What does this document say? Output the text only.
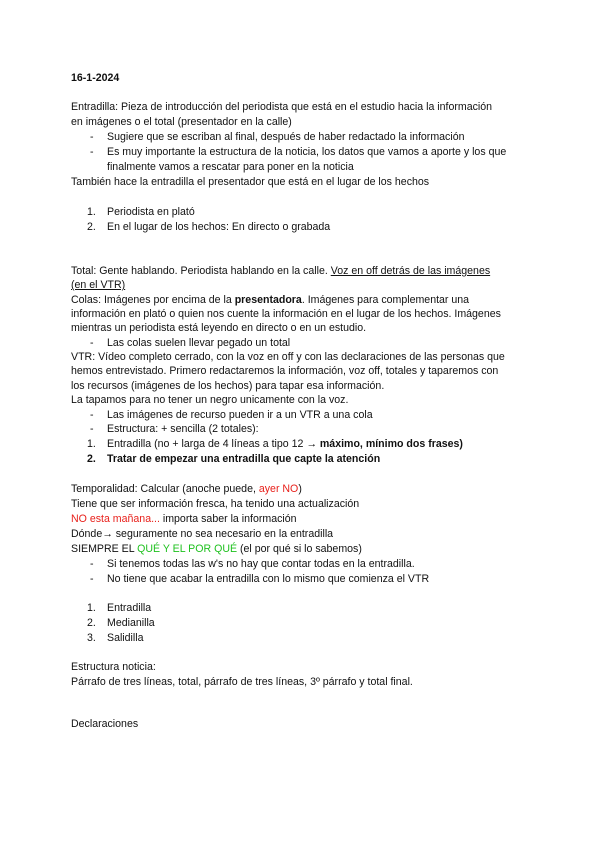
16-1-2024
Entradilla: Pieza de introducción del periodista que está en el estudio hacia la información
en imágenes o el total (presentador en la calle)
- Sugiere que se escriban al final, después de haber redactado la información
- Es muy importante la estructura de la noticia, los datos que vamos a aporte y los que
finalmente vamos a rescatar para poner en la noticia
También hace la entradilla el presentador que está en el lugar de los hechos
1. Periodista en plató
2. En el lugar de los hechos: En directo o grabada
Total: Gente hablando. Periodista hablando en la calle. Voz en off detrás de las imágenes
(en el VTR)
Colas: Imágenes por encima de la presentadora. Imágenes para complementar una
información en plató o quien nos cuente la información en el lugar de los hechos. Imágenes
mientras un periodista está leyendo en directo o en un estudio.
- Las colas suelen llevar pegado un total
VTR: Vídeo completo cerrado, con la voz en off y con las declaraciones de las personas que
hemos entrevistado. Primero redactaremos la información, voz off, totales y taparemos con
los recursos (imágenes de los hechos) para tapar esa información.
La tapamos para no tener un negro unicamente con la voz.
- Las imágenes de recurso pueden ir a un VTR a una cola
- Estructura: + sencilla (2 totales):
1. Entradilla (no + larga de 4 líneas a tipo 12 → máximo, mínimo dos frases)
2. Tratar de empezar una entradilla que capte la atención
Temporalidad: Calcular (anoche puede, ayer NO)
Tiene que ser información fresca, ha tenido una actualización
NO esta mañana... importa saber la información
Dónde→ seguramente no sea necesario en la entradilla
SIEMPRE EL QUÉ Y EL POR QUÉ (el por qué si lo sabemos)
- Si tenemos todas las w's no hay que contar todas en la entradilla.
- No tiene que acabar la entradilla con lo mismo que comienza el VTR
1. Entradilla
2. Medianilla
3. Salidilla
Estructura noticia:
Párrafo de tres líneas, total, párrafo de tres líneas, 3º párrafo y total final.
Declaraciones
